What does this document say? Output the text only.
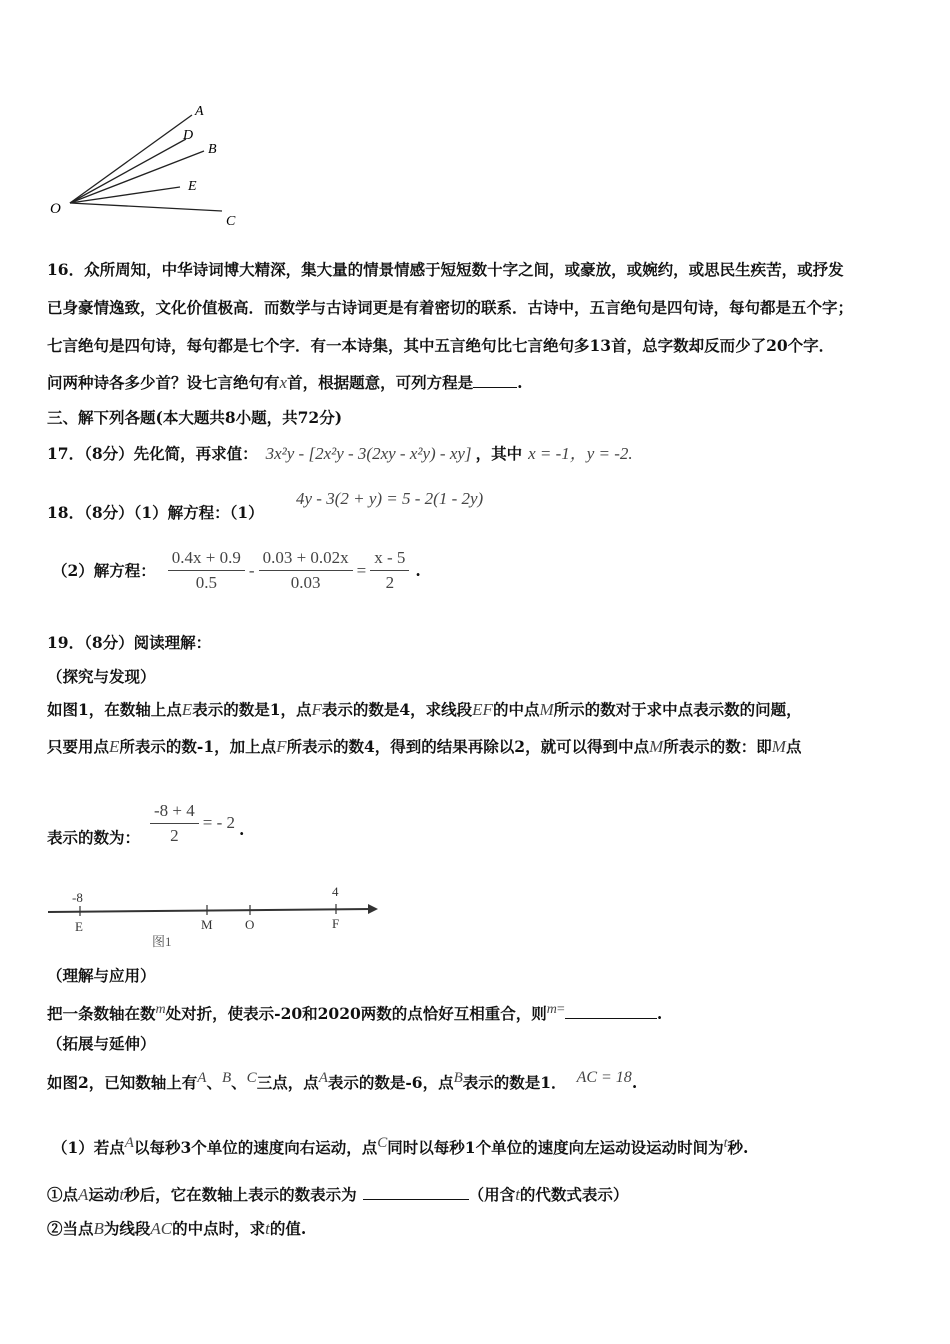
O
A
D
B
E
C
16．众所周知，中华诗词博大精深，集大量的情景情感于短短数十字之间，或豪放，或婉约，或思民生疾苦，或抒发
已身豪情逸致，文化价值极高．而数学与古诗词更是有着密切的联系．古诗中，五言绝句是四句诗，每句都是五个字；
七言绝句是四句诗，每句都是七个字．有一本诗集，其中五言绝句比七言绝句多13首，总字数却反而少了20个字．
问两种诗各多少首？设七言绝句有x首，根据题意，可列方程是	.
三、解下列各题(本大题共8小题，共72分)
17．（8分）先化简，再求值： 3x²y - [2x²y - 3(2xy - x²y) - xy] ，其中 x = -1，y = -2.
18．（8分）（1）解方程：（1）
4y - 3(2 + y) = 5 - 2(1 - 2y)
（2）解方程： $\frac{0.4x + 0.9}{0.5} - \frac{0.03 + 0.02x}{0.03} = \frac{x - 5}{2}$ .
19．（8分）阅读理解：
（探究与发现）
如图1，在数轴上点E表示的数是1，点F表示的数是4，求线段EF的中点M所示的数对于求中点表示数的问题，
只要用点E所表示的数-1，加上点F所表示的数4，得到的结果再除以2，就可以得到中点M所表示的数：即M点
表示的数为： $\frac{-8 + 4}{2}$ = - 2 .
-8	4
E	M O	F
图1
（理解与应用）
把一条数轴在数$^m$处对折，使表示-20和2020两数的点恰好互相重合，则$^{m=}$	.
（拓展与延伸）
如图2，已知数轴上有$^A$、$^B$、$^C$三点，点$^A$表示的数是-6，点$^B$表示的数是1． $^{AC = 18}$.
（1）若点$^A$以每秒3个单位的速度向右运动，点$^C$同时以每秒1个单位的速度向左运动设运动时间为$^t$秒.
①点A运动t秒后，它在数轴上表示的数表示为	（用含t的代数式表示）
②当点B为线段AC的中点时，求t的值.
